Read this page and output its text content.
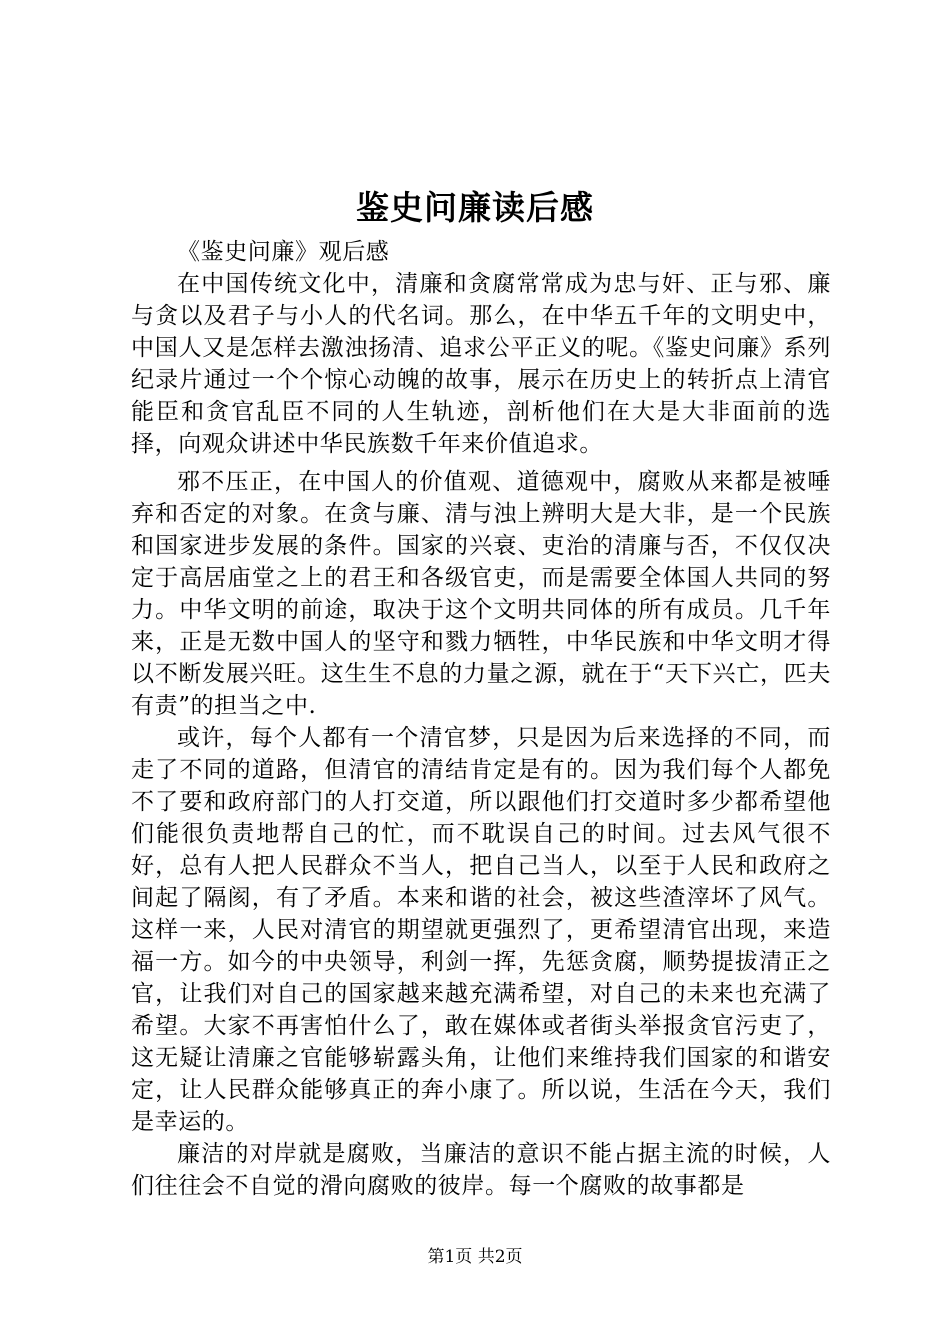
鉴史问廉读后感

《鉴史问廉》观后感

在中国传统文化中，清廉和贪腐常常成为忠与奸、正与邪、廉与贪以及君子与小人的代名词。那么，在中华五千年的文明史中，中国人又是怎样去激浊扬清、追求公平正义的呢。《鉴史问廉》系列纪录片通过一个个惊心动魄的故事，展示在历史上的转折点上清官能臣和贪官乱臣不同的人生轨迹，剖析他们在大是大非面前的选择，向观众讲述中华民族数千年来价值追求。

邪不压正，在中国人的价值观、道德观中，腐败从来都是被唾弃和否定的对象。在贪与廉、清与浊上辨明大是大非，是一个民族和国家进步发展的条件。国家的兴衰、吏治的清廉与否，不仅仅决定于高居庙堂之上的君王和各级官吏，而是需要全体国人共同的努力。中华文明的前途，取决于这个文明共同体的所有成员。几千年来，正是无数中国人的坚守和戮力牺牲，中华民族和中华文明才得以不断发展兴旺。这生生不息的力量之源，就在于“天下兴亡，匹夫有责”的担当之中.

或许，每个人都有一个清官梦，只是因为后来选择的不同，而走了不同的道路，但清官的清结肯定是有的。因为我们每个人都免不了要和政府部门的人打交道，所以跟他们打交道时多少都希望他们能很负责地帮自己的忙，而不耽误自己的时间。过去风气很不好，总有人把人民群众不当人，把自己当人，以至于人民和政府之间起了隔阂，有了矛盾。本来和谐的社会，被这些渣滓坏了风气。这样一来，人民对清官的期望就更强烈了，更希望清官出现，来造福一方。如今的中央领导，利剑一挥，先惩贪腐，顺势提拔清正之官，让我们对自己的国家越来越充满希望，对自己的未来也充满了希望。大家不再害怕什么了，敢在媒体或者街头举报贪官污吏了，这无疑让清廉之官能够崭露头角，让他们来维持我们国家的和谐安定，让人民群众能够真正的奔小康了。所以说，生活在今天，我们是幸运的。

廉洁的对岸就是腐败，当廉洁的意识不能占据主流的时候，人们往往会不自觉的滑向腐败的彼岸。每一个腐败的故事都是

第1页 共2页
